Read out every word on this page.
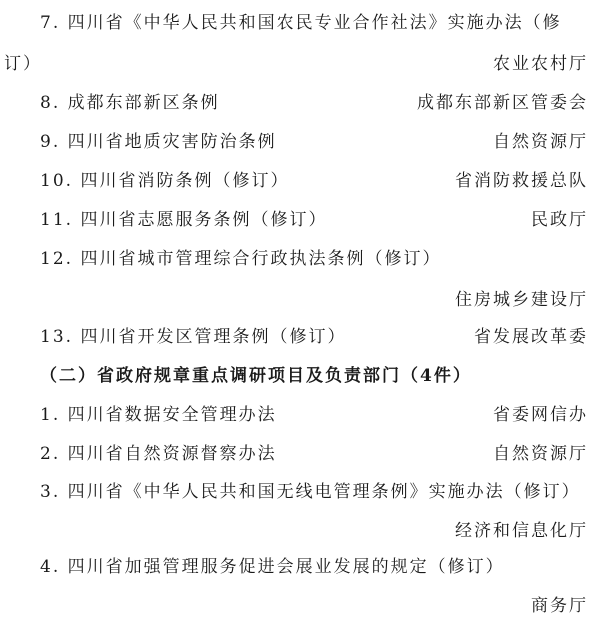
7. 四川省《中华人民共和国农民专业合作社法》实施办法（修
订）	农业农村厅
8. 成都东部新区条例	成都东部新区管委会
9. 四川省地质灾害防治条例	自然资源厅
10. 四川省消防条例（修订）	省消防救援总队
11. 四川省志愿服务条例（修订）	民政厅
12. 四川省城市管理综合行政执法条例（修订）
住房城乡建设厅
13. 四川省开发区管理条例（修订）	省发展改革委
（二）省政府规章重点调研项目及负责部门（4件）
1. 四川省数据安全管理办法	省委网信办
2. 四川省自然资源督察办法	自然资源厅
3. 四川省《中华人民共和国无线电管理条例》实施办法（修订）
经济和信息化厅
4. 四川省加强管理服务促进会展业发展的规定（修订）
商务厅
